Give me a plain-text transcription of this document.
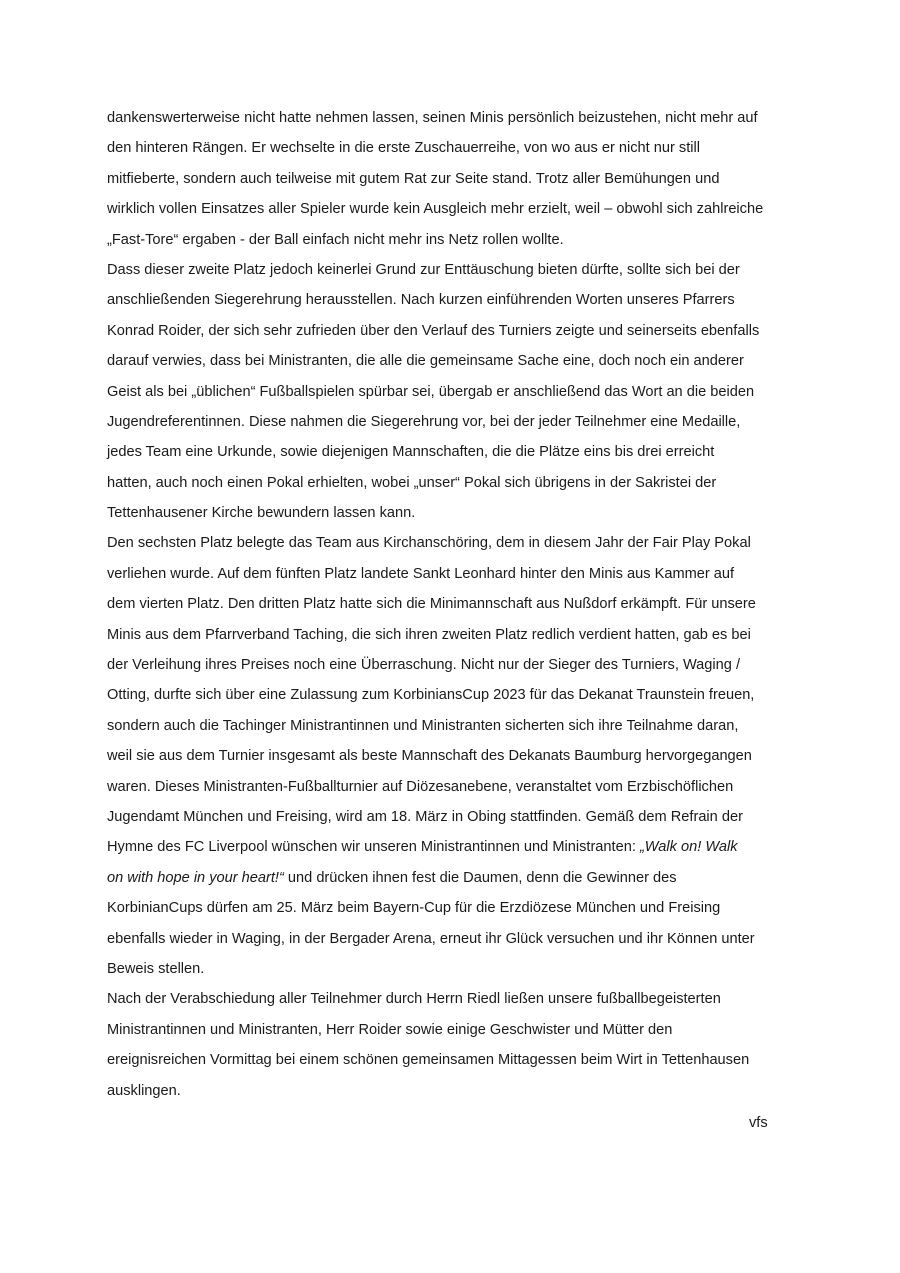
dankenswerterweise nicht hatte nehmen lassen, seinen Minis persönlich beizustehen, nicht mehr auf
den hinteren Rängen. Er wechselte in die erste Zuschauerreihe, von wo aus er nicht nur still
mitfieberte, sondern auch teilweise mit gutem Rat zur Seite stand. Trotz aller Bemühungen und
wirklich vollen Einsatzes aller Spieler wurde kein Ausgleich mehr erzielt, weil – obwohl sich zahlreiche
„Fast-Tore“ ergaben - der Ball einfach nicht mehr ins Netz rollen wollte.
Dass dieser zweite Platz jedoch keinerlei Grund zur Enttäuschung bieten dürfte, sollte sich bei der
anschließenden Siegerehrung herausstellen. Nach kurzen einführenden Worten unseres Pfarrers
Konrad Roider, der sich sehr zufrieden über den Verlauf des Turniers zeigte und seinerseits ebenfalls
darauf verwies, dass bei Ministranten, die alle die gemeinsame Sache eine, doch noch ein anderer
Geist als bei „üblichen“ Fußballspielen spürbar sei, übergab er anschließend das Wort an die beiden
Jugendreferentinnen. Diese nahmen die Siegerehrung vor, bei der jeder Teilnehmer eine Medaille,
jedes Team eine Urkunde, sowie diejenigen Mannschaften, die die Plätze eins bis drei erreicht
hatten, auch noch einen Pokal erhielten, wobei „unser“ Pokal sich übrigens in der Sakristei der
Tettenhausener Kirche bewundern lassen kann.
Den sechsten Platz belegte das Team aus Kirchanschöring, dem in diesem Jahr der Fair Play Pokal
verliehen wurde. Auf dem fünften Platz landete Sankt Leonhard hinter den Minis aus Kammer auf
dem vierten Platz. Den dritten Platz hatte sich die Minimannschaft aus Nußdorf erkämpft. Für unsere
Minis aus dem Pfarrverband Taching, die sich ihren zweiten Platz redlich verdient hatten, gab es bei
der Verleihung ihres Preises noch eine Überraschung. Nicht nur der Sieger des Turniers, Waging /
Otting, durfte sich über eine Zulassung zum KorbiniansCup 2023 für das Dekanat Traunstein freuen,
sondern auch die Tachinger Ministrantinnen und Ministranten sicherten sich ihre Teilnahme daran,
weil sie aus dem Turnier insgesamt als beste Mannschaft des Dekanats Baumburg hervorgegangen
waren. Dieses Ministranten-Fußballturnier auf Diözesanebene, veranstaltet vom Erzbischöflichen
Jugendamt München und Freising, wird am 18. März in Obing stattfinden. Gemäß dem Refrain der
Hymne des FC Liverpool wünschen wir unseren Ministrantinnen und Ministranten: „Walk on! Walk
on with hope in your heart!“ und drücken ihnen fest die Daumen, denn die Gewinner des
KorbinianCups dürfen am 25. März beim Bayern-Cup für die Erzdiözese München und Freising
ebenfalls wieder in Waging, in der Bergader Arena, erneut ihr Glück versuchen und ihr Können unter
Beweis stellen.
Nach der Verabschiedung aller Teilnehmer durch Herrn Riedl ließen unsere fußballbegeisterten
Ministrantinnen und Ministranten, Herr Roider sowie einige Geschwister und Mütter den
ereignisreichen Vormittag bei einem schönen gemeinsamen Mittagessen beim Wirt in Tettenhausen
ausklingen.
vfs
